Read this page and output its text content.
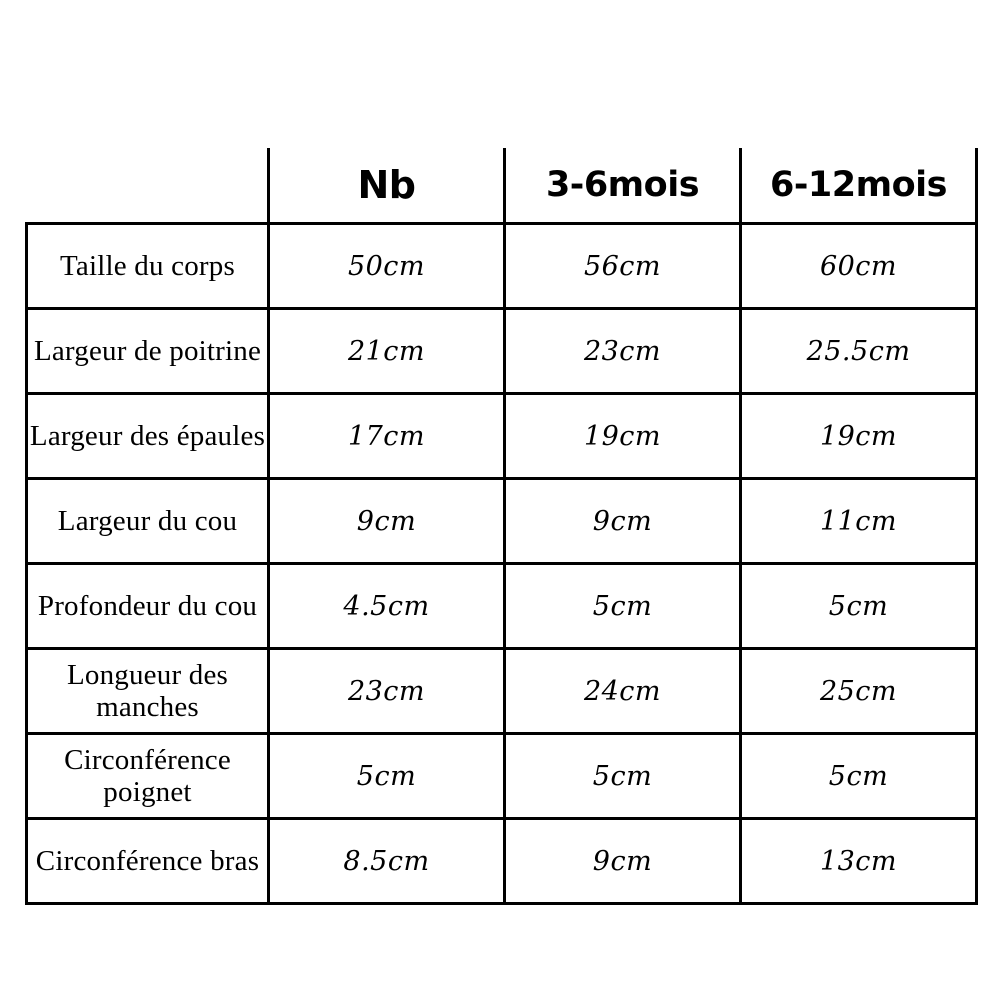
	Nb	3-6mois	6-12mois
Taille du corps	50cm	56cm	60cm
Largeur de poitrine	21cm	23cm	25.5cm
Largeur des épaules	17cm	19cm	19cm
Largeur du cou	9cm	9cm	11cm
Profondeur du cou	4.5cm	5cm	5cm
Longueur des manches	23cm	24cm	25cm
Circonférence poignet	5cm	5cm	5cm
Circonférence bras	8.5cm	9cm	13cm
